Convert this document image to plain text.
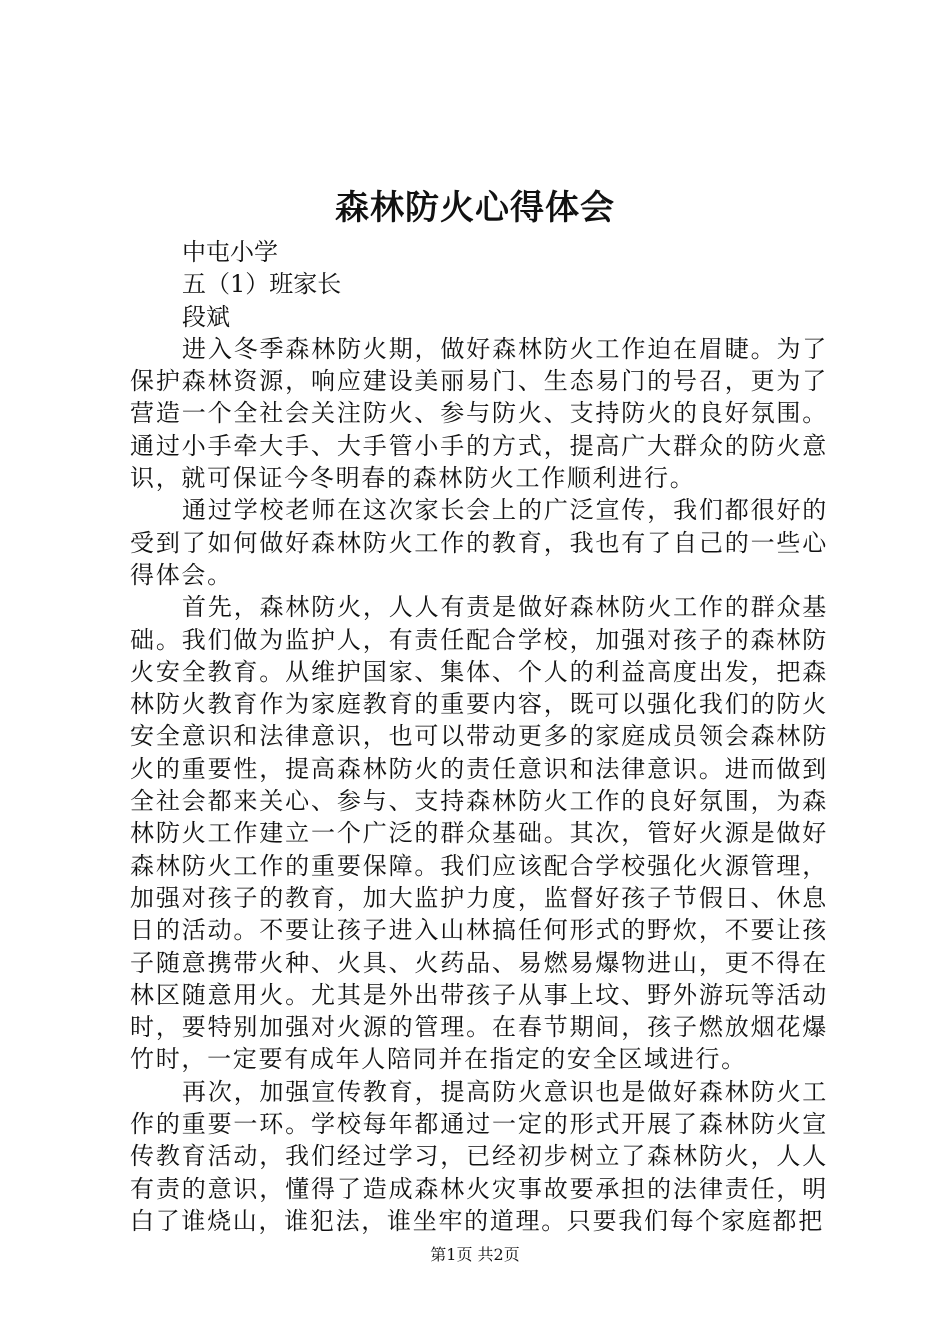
森林防火心得体会

中屯小学

五（1）班家长

段斌

进入冬季森林防火期，做好森林防火工作迫在眉睫。为了保护森林资源，响应建设美丽易门、生态易门的号召，更为了营造一个全社会关注防火、参与防火、支持防火的良好氛围。通过小手牵大手、大手管小手的方式，提高广大群众的防火意识，就可保证今冬明春的森林防火工作顺利进行。

通过学校老师在这次家长会上的广泛宣传，我们都很好的受到了如何做好森林防火工作的教育，我也有了自己的一些心得体会。

首先，森林防火，人人有责是做好森林防火工作的群众基础。我们做为监护人，有责任配合学校，加强对孩子的森林防火安全教育。从维护国家、集体、个人的利益高度出发，把森林防火教育作为家庭教育的重要内容，既可以强化我们的防火安全意识和法律意识，也可以带动更多的家庭成员领会森林防火的重要性，提高森林防火的责任意识和法律意识。进而做到全社会都来关心、参与、支持森林防火工作的良好氛围，为森林防火工作建立一个广泛的群众基础。其次，管好火源是做好森林防火工作的重要保障。我们应该配合学校强化火源管理，加强对孩子的教育，加大监护力度，监督好孩子节假日、休息日的活动。不要让孩子进入山林搞任何形式的野炊，不要让孩子随意携带火种、火具、火药品、易燃易爆物进山，更不得在林区随意用火。尤其是外出带孩子从事上坟、野外游玩等活动时，要特别加强对火源的管理。在春节期间，孩子燃放烟花爆竹时，一定要有成年人陪同并在指定的安全区域进行。

再次，加强宣传教育，提高防火意识也是做好森林防火工作的重要一环。学校每年都通过一定的形式开展了森林防火宣传教育活动，我们经过学习，已经初步树立了森林防火，人人有责的意识，懂得了造成森林火灾事故要承担的法律责任，明白了谁烧山，谁犯法，谁坐牢的道理。只要我们每个家庭都把

第1页 共2页
